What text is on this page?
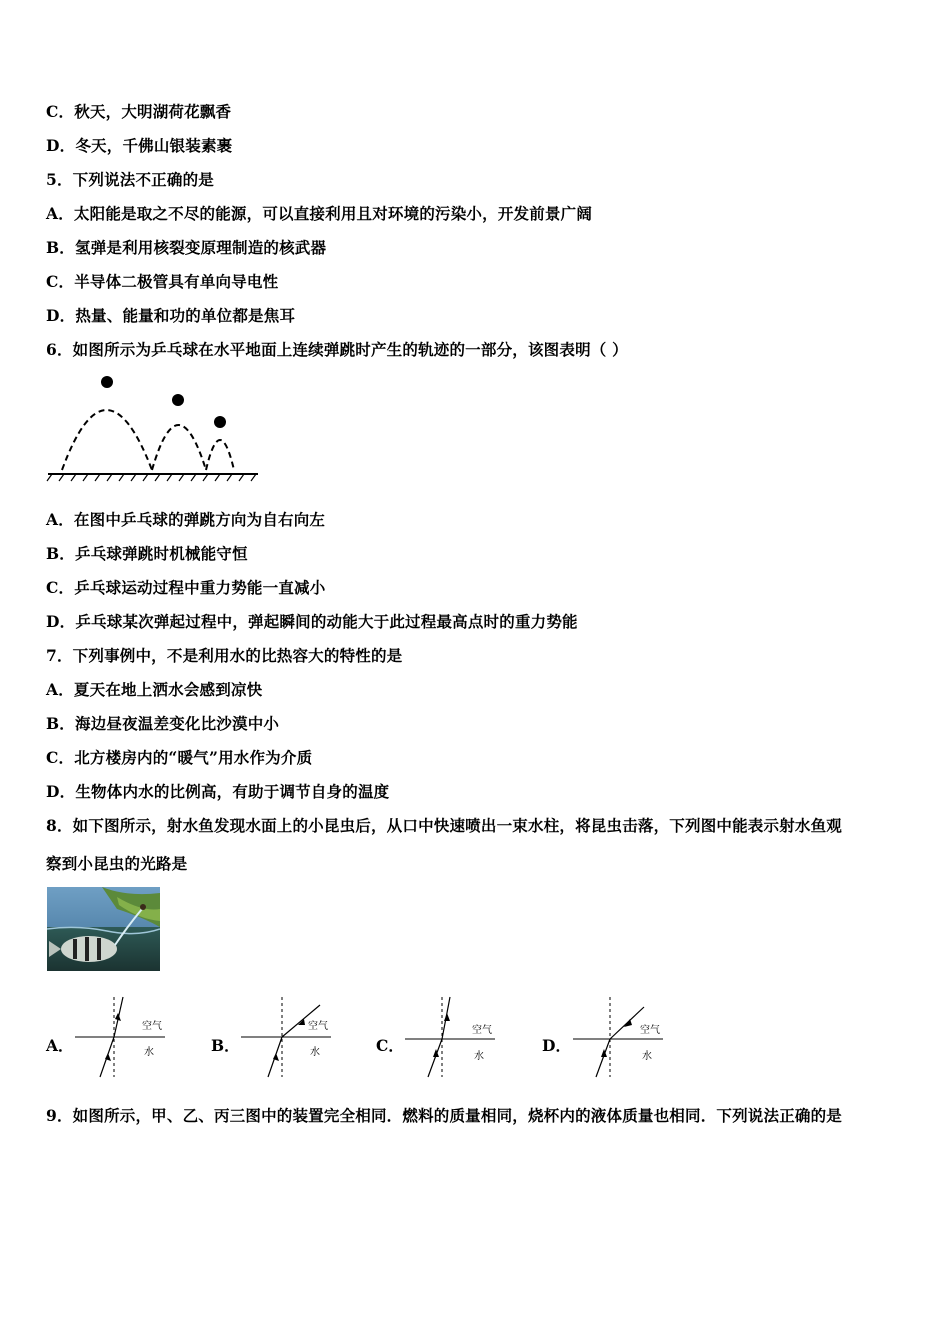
C．秋天，大明湖荷花飘香
D．冬天，千佛山银装素裹
5．下列说法不正确的是
A．太阳能是取之不尽的能源，可以直接利用且对环境的污染小，开发前景广阔
B．氢弹是利用核裂变原理制造的核武器
C．半导体二极管具有单向导电性
D．热量、能量和功的单位都是焦耳
6．如图所示为乒乓球在水平地面上连续弹跳时产生的轨迹的一部分，该图表明（ ）
A．在图中乒乓球的弹跳方向为自右向左
B．乒乓球弹跳时机械能守恒
C．乒乓球运动过程中重力势能一直减小
D．乒乓球某次弹起过程中，弹起瞬间的动能大于此过程最高点时的重力势能
7．下列事例中，不是利用水的比热容大的特性的是
A．夏天在地上洒水会感到凉快
B．海边昼夜温差变化比沙漠中小
C．北方楼房内的“暖气”用水作为介质
D．生物体内水的比例高，有助于调节自身的温度
8．如下图所示，射水鱼发现水面上的小昆虫后，从口中快速喷出一束水柱，将昆虫击落，下列图中能表示射水鱼观
察到小昆虫的光路是
A．
空气
水	B．
空气
水	C．
空气
水
D．
空气
水
9．如图所示，甲、乙、丙三图中的装置完全相同．燃料的质量相同，烧杯内的液体质量也相同．下列说法正确的是
